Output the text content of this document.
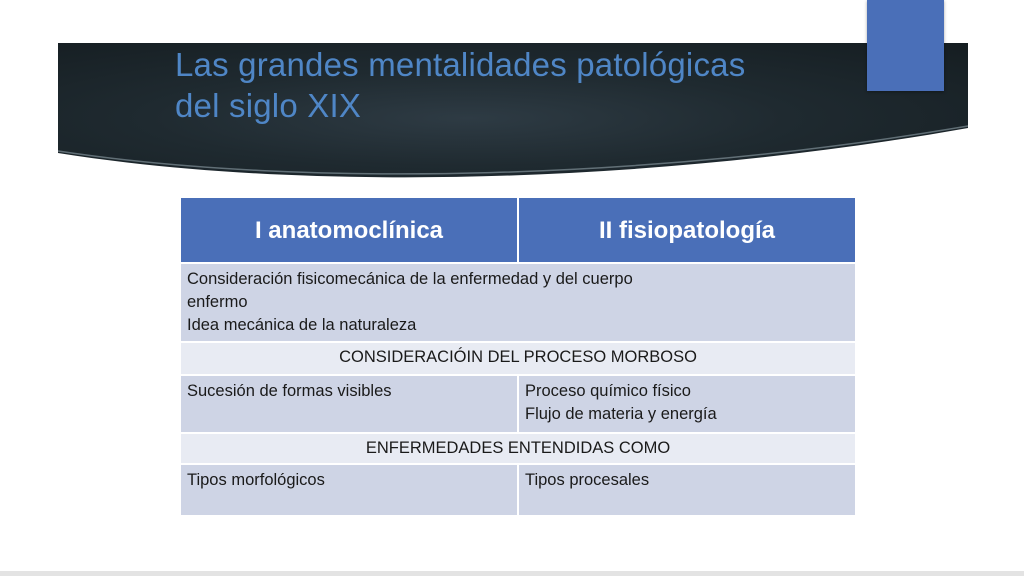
Las grandes mentalidades patológicas
del siglo XIX
I anatomoclínica	II fisiopatología

Consideración fisicomecánica de la enfermedad y del cuerpo
enfermo
Idea mecánica de la naturaleza	

CONSIDERACIÓIN DEL PROCESO MORBOSO	
Sucesión de formas visibles	Proceso químico físico
Flujo de materia y energía

ENFERMEDADES ENTENDIDAS COMO	
Tipos morfológicos	Tipos procesales
